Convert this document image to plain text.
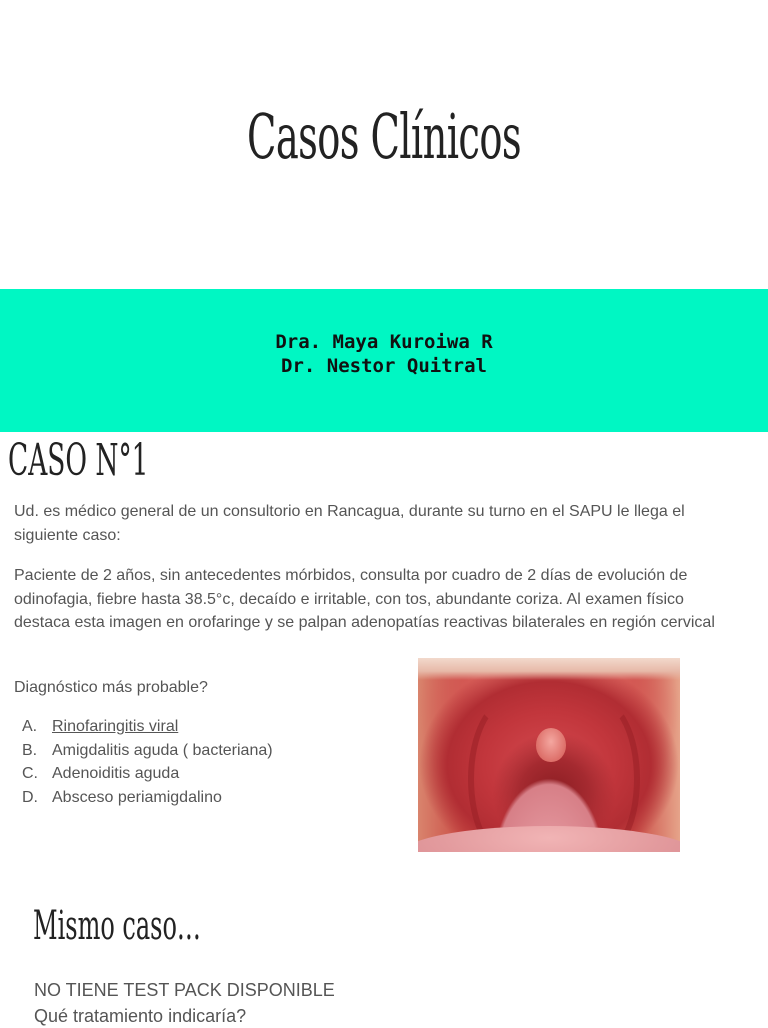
Casos Clínicos
Dra. Maya Kuroiwa R
Dr. Nestor Quitral
CASO N°1
Ud. es médico general de un consultorio en Rancagua, durante su turno en el SAPU le llega el siguiente caso:
Paciente de 2 años, sin antecedentes mórbidos, consulta por cuadro de 2 días de evolución de odinofagia, fiebre hasta 38.5°c, decaído e irritable, con tos, abundante coriza. Al examen físico destaca esta imagen en orofaringe y se palpan adenopatías reactivas bilaterales en región cervical
Diagnóstico más probable?
A. Rinofaringitis viral
B. Amigdalitis aguda ( bacteriana)
C. Adenoiditis aguda
D. Absceso periamigdalino
Mismo caso…
NO TIENE TEST PACK DISPONIBLE
Qué tratamiento indicaría?
